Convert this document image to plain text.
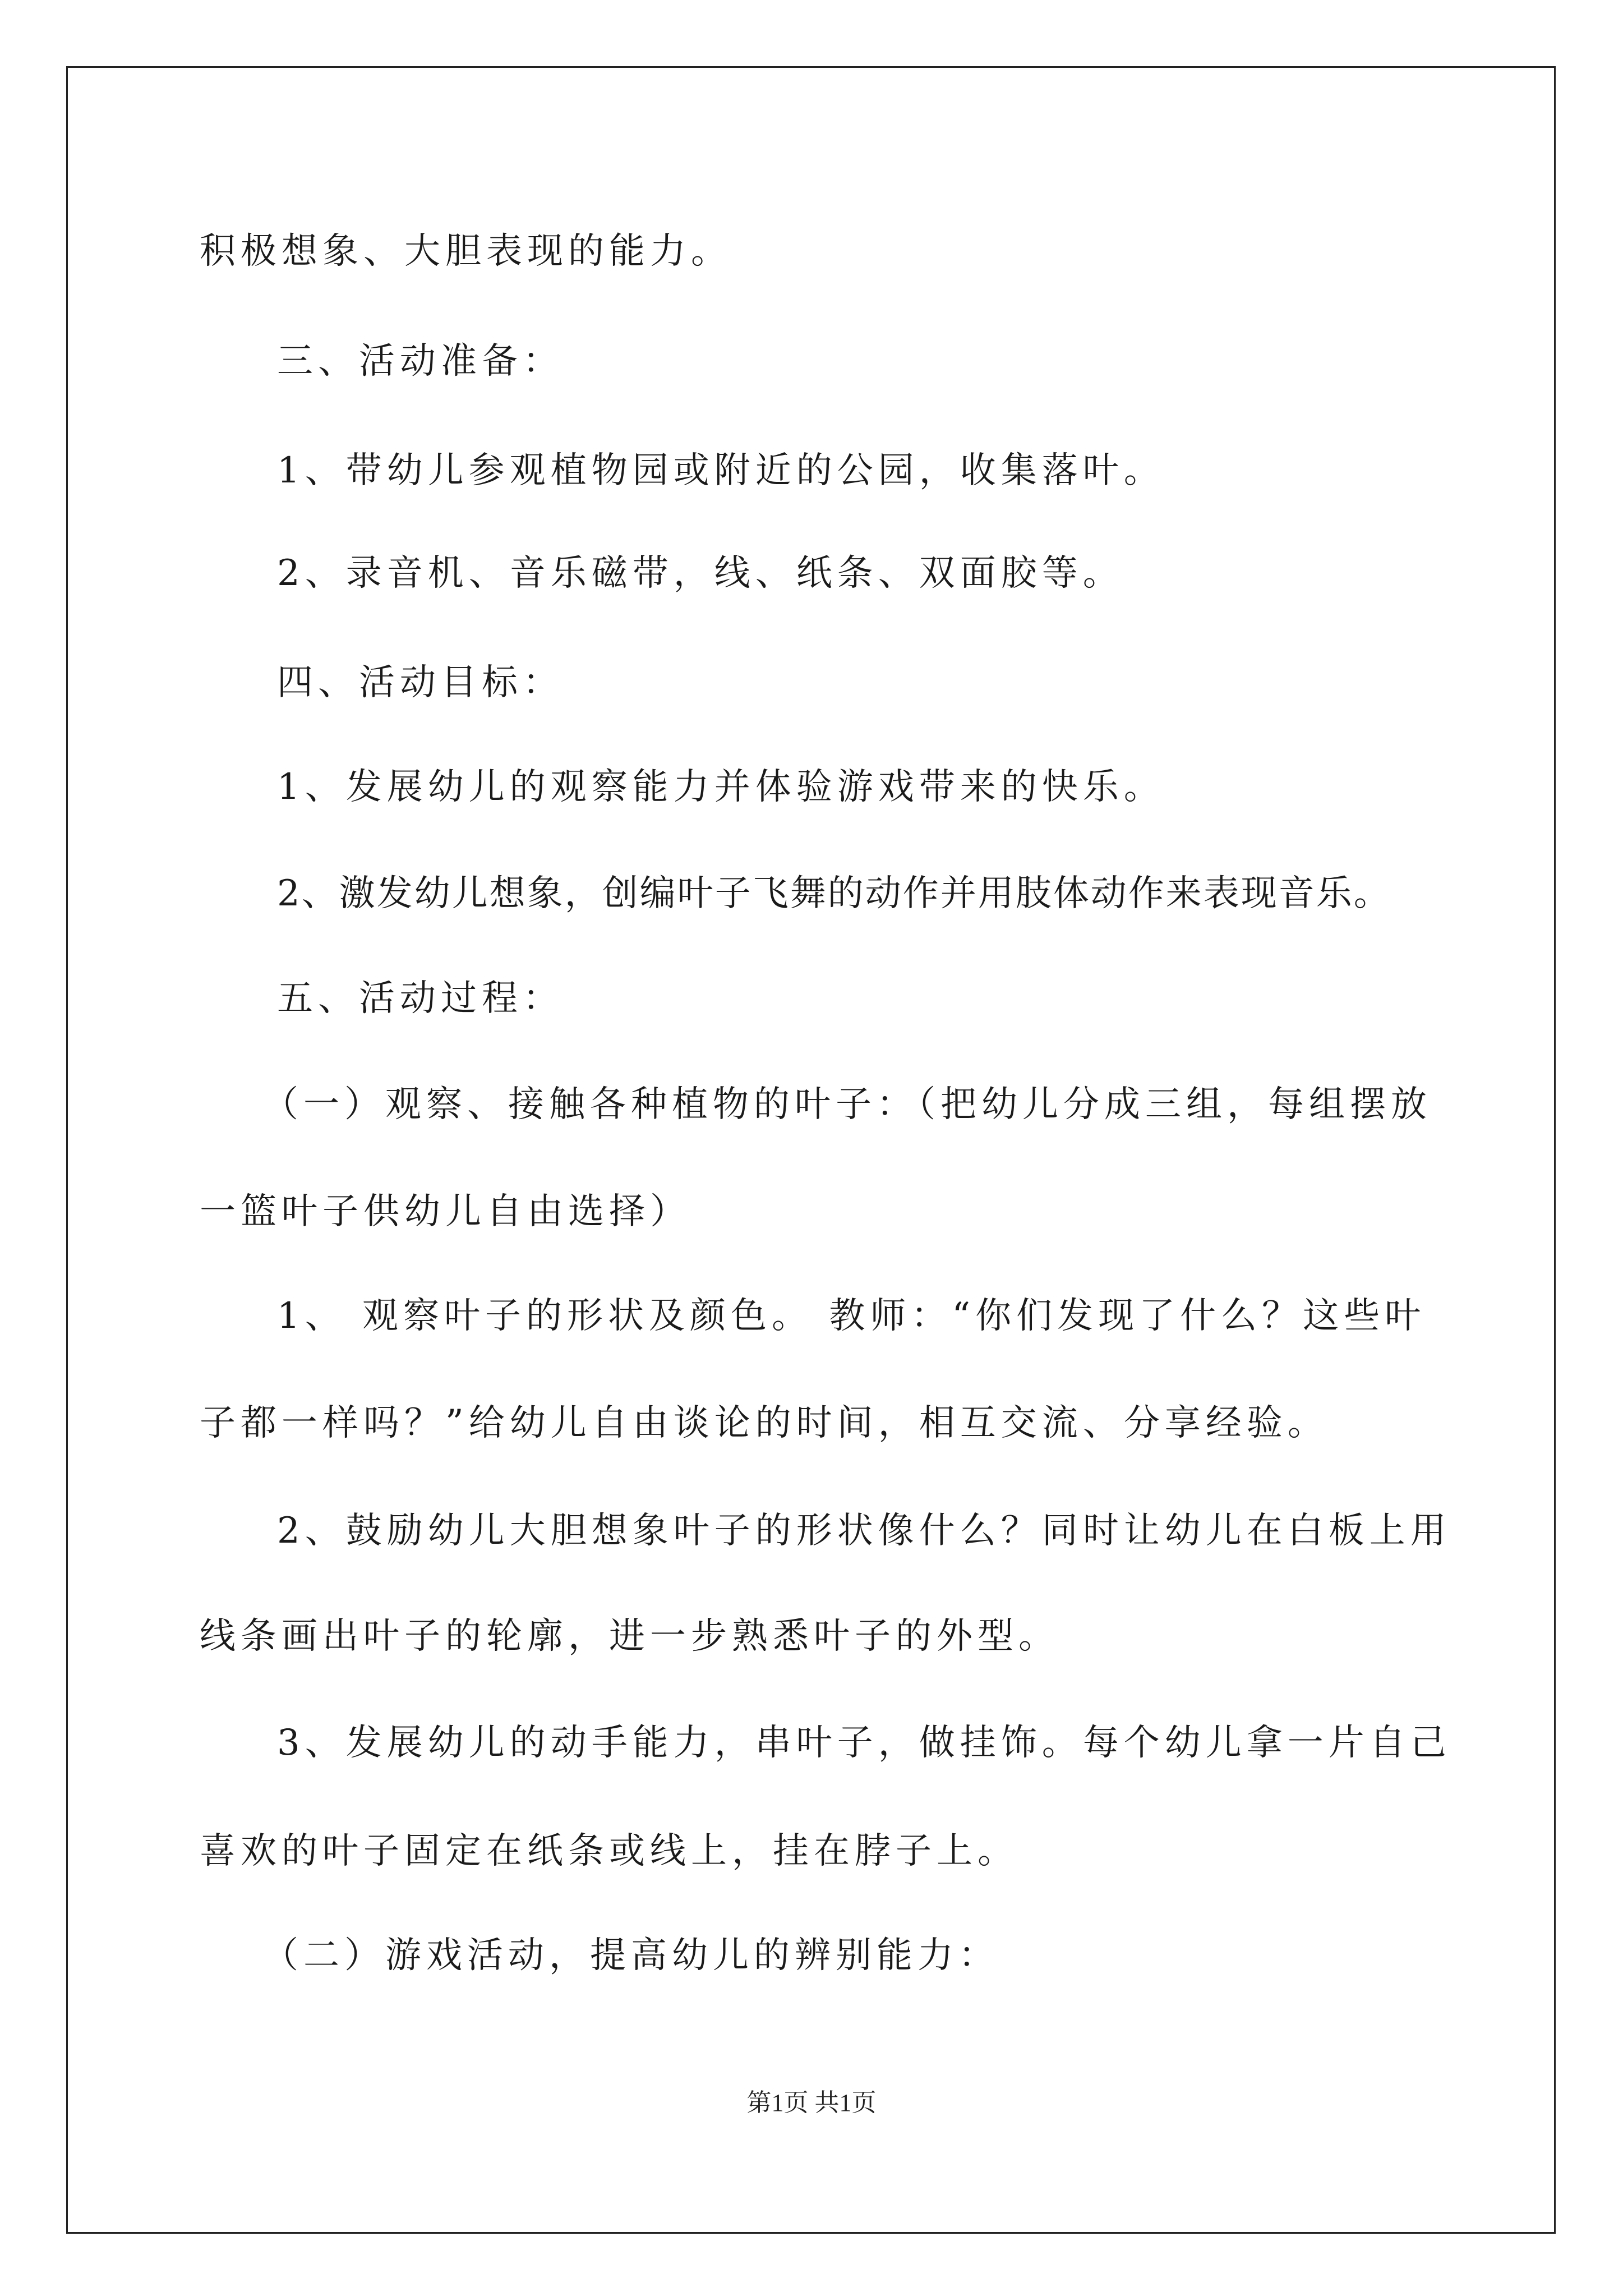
积极想象、大胆表现的能力。
三、活动准备：
1、带幼儿参观植物园或附近的公园，收集落叶。
2、录音机、音乐磁带，线、纸条、双面胶等。
四、活动目标：
1、发展幼儿的观察能力并体验游戏带来的快乐。
2、激发幼儿想象，创编叶子飞舞的动作并用肢体动作来表现音乐。
五、活动过程：
（一）观察、接触各种植物的叶子：（把幼儿分成三组，每组摆放
一篮叶子供幼儿自由选择）
1、 观察叶子的形状及颜色。 教师：“你们发现了什么？这些叶
子都一样吗？”给幼儿自由谈论的时间，相互交流、分享经验。
2、鼓励幼儿大胆想象叶子的形状像什么？同时让幼儿在白板上用
线条画出叶子的轮廓，进一步熟悉叶子的外型。
3、发展幼儿的动手能力，串叶子，做挂饰。每个幼儿拿一片自己
喜欢的叶子固定在纸条或线上，挂在脖子上。
（二）游戏活动，提高幼儿的辨别能力：
第1页 共1页
